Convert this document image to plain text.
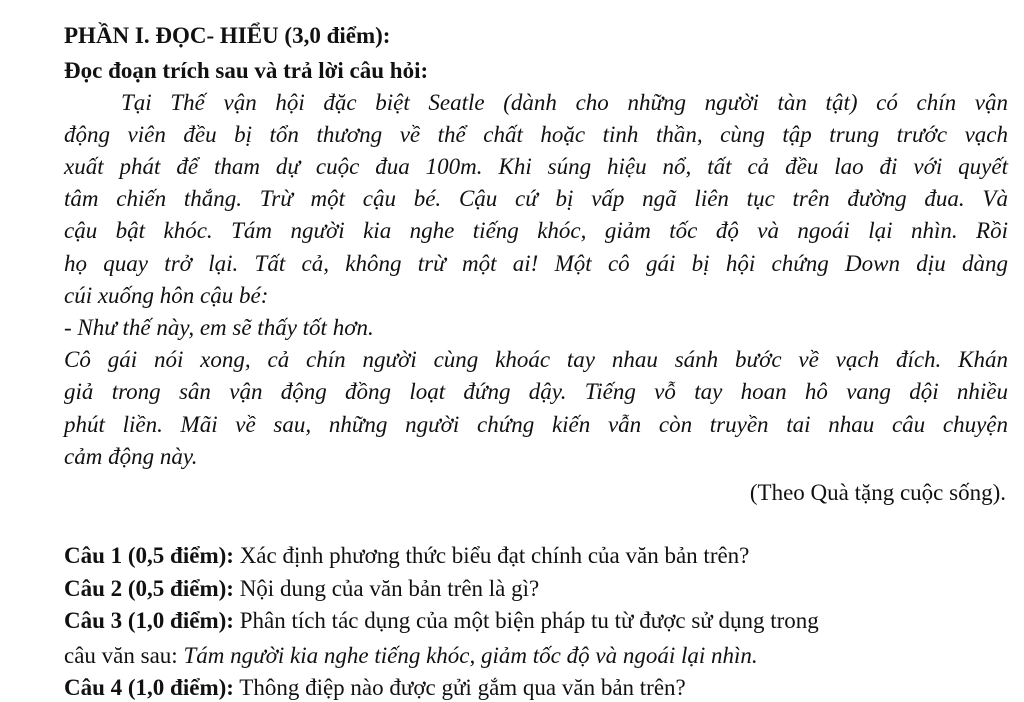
PHẦN I. ĐỌC- HIỂU (3,0 điểm):
Đọc đoạn trích sau và trả lời câu hỏi:
Tại Thế vận hội đặc biệt Seatle (dành cho những người tàn tật) có chín vận
động viên đều bị tổn thương về thể chất hoặc tinh thần, cùng tập trung trước vạch
xuất phát để tham dự cuộc đua 100m. Khi súng hiệu nổ, tất cả đều lao đi với quyết
tâm chiến thắng. Trừ một cậu bé. Cậu cứ bị vấp ngã liên tục trên đường đua. Và
cậu bật khóc. Tám người kia nghe tiếng khóc, giảm tốc độ và ngoái lại nhìn. Rồi
họ quay trở lại. Tất cả, không trừ một ai! Một cô gái bị hội chứng Down dịu dàng
cúi xuống hôn cậu bé:
- Như thế này, em sẽ thấy tốt hơn.
Cô gái nói xong, cả chín người cùng khoác tay nhau sánh bước về vạch đích. Khán
giả trong sân vận động đồng loạt đứng dậy. Tiếng vỗ tay hoan hô vang dội nhiều
phút liền. Mãi về sau, những người chứng kiến vẫn còn truyền tai nhau câu chuyện
cảm động này.
(Theo Quà tặng cuộc sống).
Câu 1 (0,5 điểm): Xác định phương thức biểu đạt chính của văn bản trên?
Câu 2 (0,5 điểm): Nội dung của văn bản trên là gì?
Câu 3 (1,0 điểm): Phân tích tác dụng của một biện pháp tu từ được sử dụng trong
câu văn sau: Tám người kia nghe tiếng khóc, giảm tốc độ và ngoái lại nhìn.
Câu 4 (1,0 điểm): Thông điệp nào được gửi gắm qua văn bản trên?
